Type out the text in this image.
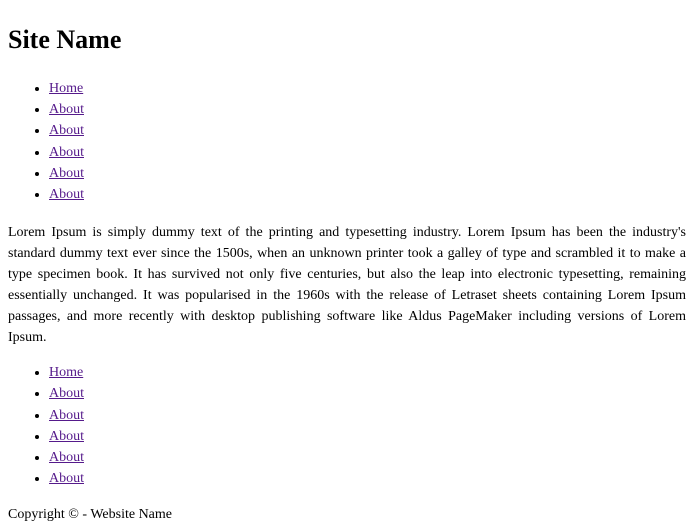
Site Name
• Home
• About
• About
• About
• About
• About

Lorem Ipsum is simply dummy text of the printing and typesetting industry. Lorem Ipsum has been the industry's standard dummy text ever since the 1500s, when an unknown printer took a galley of type and scrambled it to make a type specimen book. It has survived not only five centuries, but also the leap into electronic typesetting, remaining essentially unchanged. It was popularised in the 1960s with the release of Letraset sheets containing Lorem Ipsum passages, and more recently with desktop publishing software like Aldus PageMaker including versions of Lorem Ipsum.

• Home
• About
• About
• About
• About
• About
Copyright © - Website Name
